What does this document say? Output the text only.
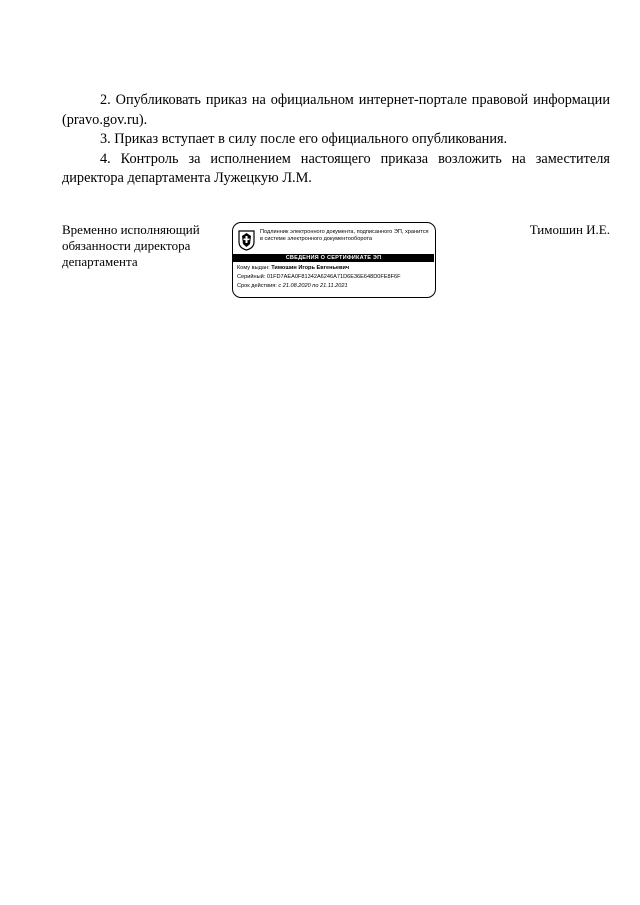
2. Опубликовать приказ на официальном интернет-портале правовой информации (pravo.gov.ru).

3. Приказ вступает в силу после его официального опубликования.

4. Контроль за исполнением настоящего приказа возложить на заместителя директора департамента Лужецкую Л.М.

Временно исполняющий
обязанности директора
департамента
Подлинник электронного документа, подписанного ЭП, хранится в системе электронного документооборота
СВЕДЕНИЯ О СЕРТИФИКАТЕ ЭП
Кому выдан: Тимошин Игорь Евгеньевич
Серийный: 01FD7AEA0F81342A6246A71D6E36E648D0FE8F6F
Срок действия: с 21.08.2020 по 21.11.2021
Тимошин И.Е.
